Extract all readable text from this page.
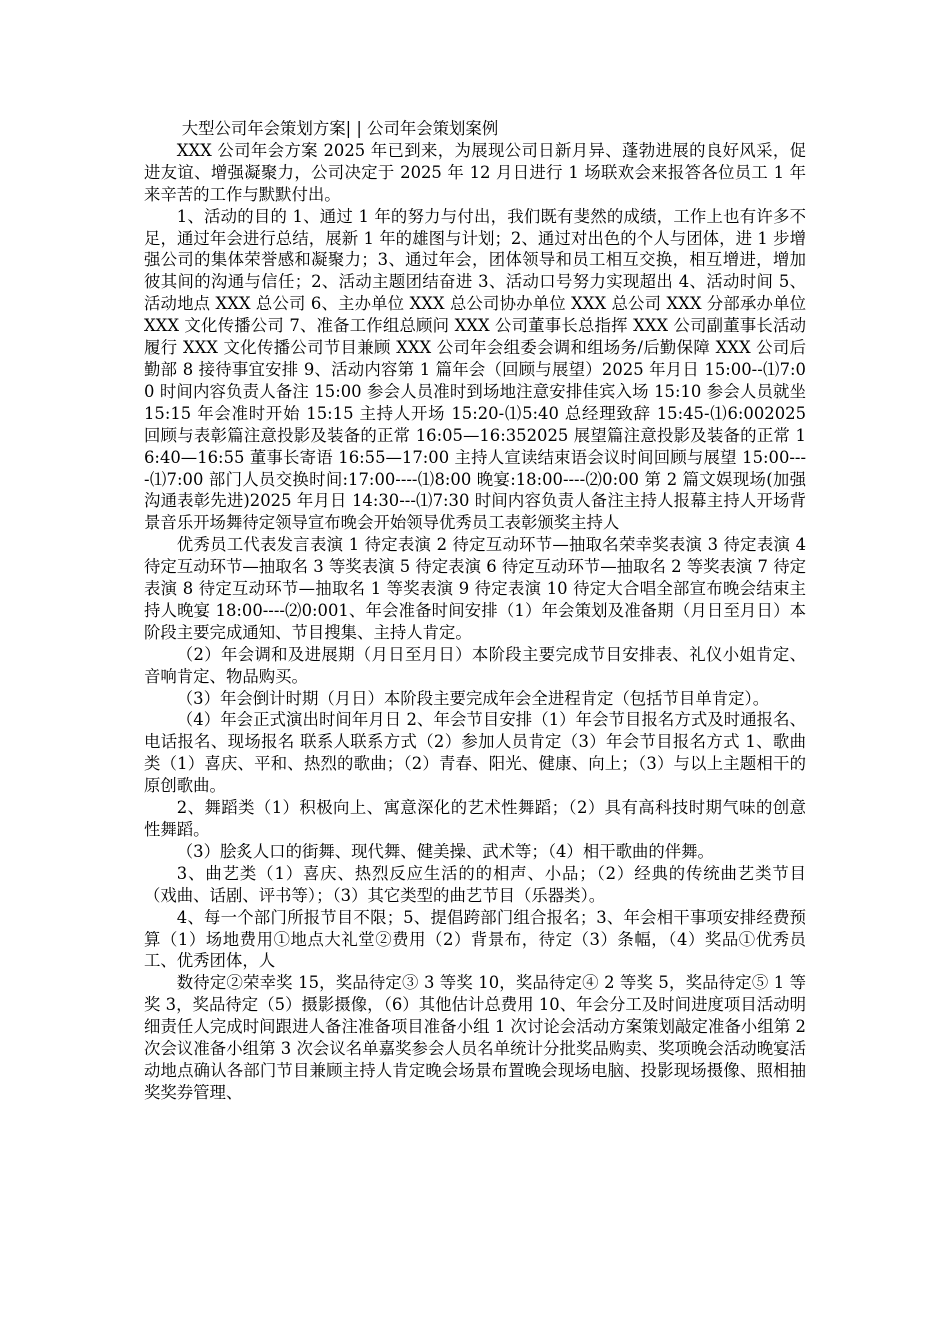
大型公司年会策划方案| | 公司年会策划案例

XXX 公司年会方案 2025 年已到来，为展现公司日新月异、蓬勃进展的良好风采，促进友谊、增强凝聚力，公司决定于 2025 年 12 月日进行 1 场联欢会来报答各位员工 1 年来辛苦的工作与默默付出。

1、活动的目的 1、通过 1 年的努力与付出，我们既有斐然的成绩，工作上也有许多不足，通过年会进行总结，展新 1 年的雄图与计划；2、通过对出色的个人与团体，进 1 步增强公司的集体荣誉感和凝聚力；3、通过年会，团体领导和员工相互交换，相互增进，增加彼其间的沟通与信任；2、活动主题团结奋进 3、活动口号努力实现超出 4、活动时间 5、活动地点 XXX 总公司 6、主办单位 XXX 总公司协办单位 XXX 总公司 XXX 分部承办单位 XXX 文化传播公司 7、准备工作组总顾问 XXX 公司董事长总指挥 XXX 公司副董事长活动履行 XXX 文化传播公司节目兼顾 XXX 公司年会组委会调和组场务/后勤保障 XXX 公司后勤部 8 接待事宜安排 9、活动内容第 1 篇年会（回顾与展望）2025 年月日 15:00--⑴7:00 时间内容负责人备注 15:00 参会人员准时到场地注意安排佳宾入场 15:10 参会人员就坐 15:15 年会准时开始 15:15 主持人开场 15:20-⑴5:40 总经理致辞 15:45-⑴6:002025 回顾与表彰篇注意投影及装备的正常 16:05—16:352025 展望篇注意投影及装备的正常 16:40—16:55 董事长寄语 16:55—17:00 主持人宣读结束语会议时间回顾与展望 15:00----⑴7:00 部门人员交换时间:17:00----⑴8:00 晚宴:18:00----⑵0:00 第 2 篇文娱现场(加强沟通表彰先进)2025 年月日 14:30---⑴7:30 时间内容负责人备注主持人报幕主持人开场背景音乐开场舞待定领导宣布晚会开始领导优秀员工表彰颁奖主持人

优秀员工代表发言表演 1 待定表演 2 待定互动环节—抽取名荣幸奖表演 3 待定表演 4 待定互动环节—抽取名 3 等奖表演 5 待定表演 6 待定互动环节—抽取名 2 等奖表演 7 待定表演 8 待定互动环节—抽取名 1 等奖表演 9 待定表演 10 待定大合唱全部宣布晚会结束主持人晚宴 18:00----⑵0:001、年会准备时间安排（1）年会策划及准备期（月日至月日）本阶段主要完成通知、节目搜集、主持人肯定。

（2）年会调和及进展期（月日至月日）本阶段主要完成节目安排表、礼仪小姐肯定、音响肯定、物品购买。

（3）年会倒计时期（月日）本阶段主要完成年会全进程肯定（包括节目单肯定）。

（4）年会正式演出时间年月日 2、年会节目安排（1）年会节目报名方式及时通报名、电话报名、现场报名 联系人联系方式（2）参加人员肯定（3）年会节目报名方式 1、歌曲类（1）喜庆、平和、热烈的歌曲；（2）青春、阳光、健康、向上；（3）与以上主题相干的原创歌曲。

2、舞蹈类（1）积极向上、寓意深化的艺术性舞蹈；（2）具有高科技时期气味的创意性舞蹈。

（3）脍炙人口的街舞、现代舞、健美操、武术等；（4）相干歌曲的伴舞。

3、曲艺类（1）喜庆、热烈反应生活的的相声、小品；（2）经典的传统曲艺类节目（戏曲、话剧、评书等）；（3）其它类型的曲艺节目（乐器类）。

4、每一个部门所报节目不限；5、提倡跨部门组合报名；3、年会相干事项安排经费预算（1）场地费用①地点大礼堂②费用（2）背景布，待定（3）条幅，（4）奖品①优秀员工、优秀团体，人

数待定②荣幸奖 15，奖品待定③ 3 等奖 10，奖品待定④ 2 等奖 5，奖品待定⑤ 1 等奖 3，奖品待定（5）摄影摄像，（6）其他估计总费用 10、年会分工及时间进度项目活动明细责任人完成时间跟进人备注准备项目准备小组 1 次讨论会活动方案策划敲定准备小组第 2 次会议准备小组第 3 次会议名单嘉奖参会人员名单统计分批奖品购卖、奖项晚会活动晚宴活动地点确认各部门节目兼顾主持人肯定晚会场景布置晚会现场电脑、投影现场摄像、照相抽奖奖券管理、
